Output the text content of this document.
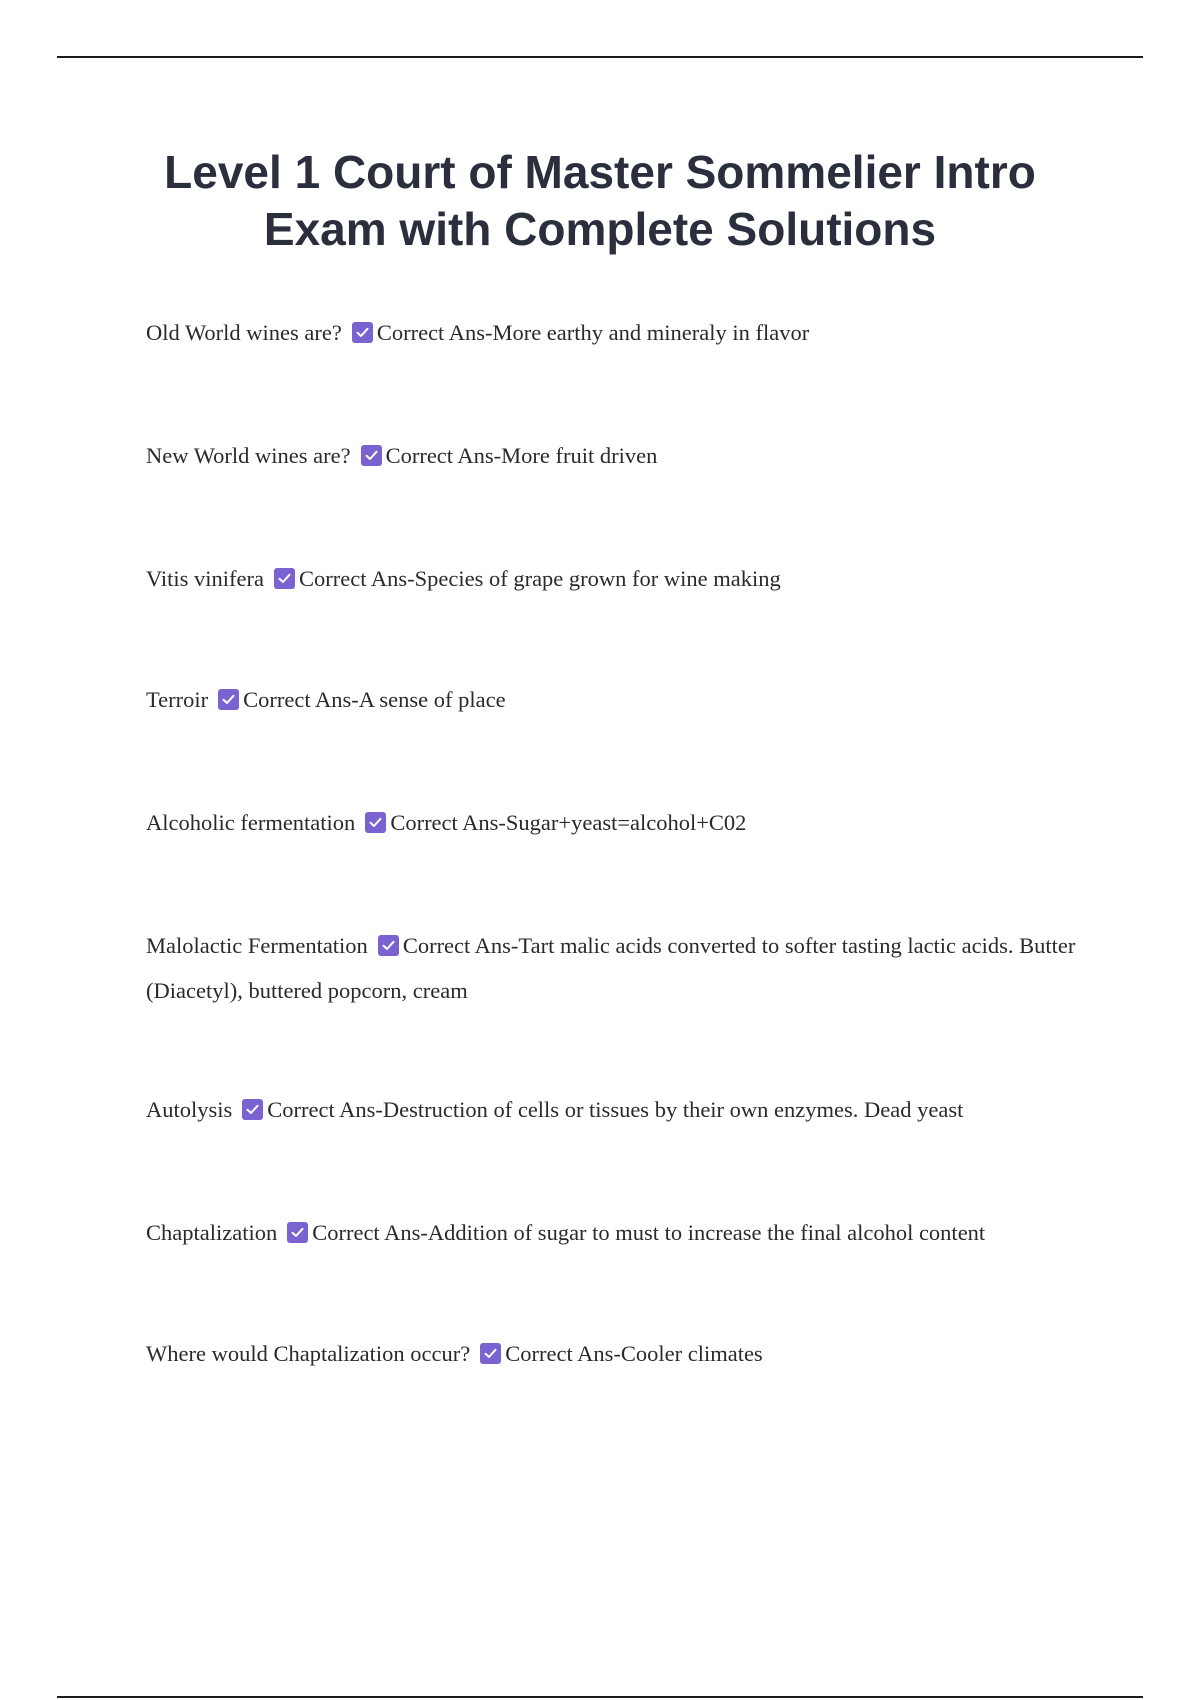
Level 1 Court of Master Sommelier Intro Exam with Complete Solutions

Old World wines are? Correct Ans-More earthy and mineraly in flavor

New World wines are? Correct Ans-More fruit driven

Vitis vinifera Correct Ans-Species of grape grown for wine making

Terroir Correct Ans-A sense of place

Alcoholic fermentation Correct Ans-Sugar+yeast=alcohol+C02

Malolactic Fermentation Correct Ans-Tart malic acids converted to softer tasting lactic acids. Butter (Diacetyl), buttered popcorn, cream

Autolysis Correct Ans-Destruction of cells or tissues by their own enzymes. Dead yeast

Chaptalization Correct Ans-Addition of sugar to must to increase the final alcohol content

Where would Chaptalization occur? Correct Ans-Cooler climates
